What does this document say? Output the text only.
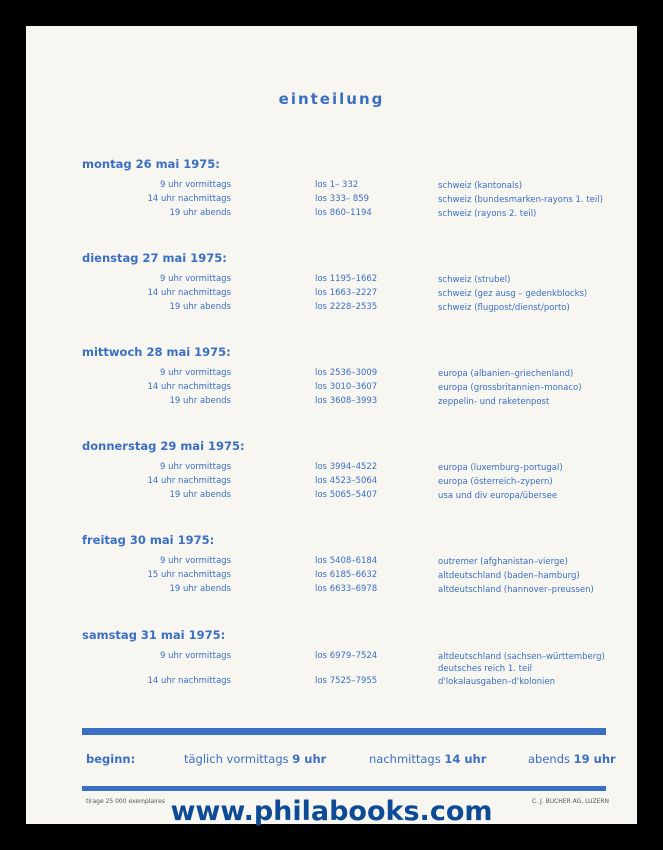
einteilung
montag 26 mai 1975:
9 uhr vormittags	los 1– 332	schweiz (kantonals)
14 uhr nachmittags	los 333– 859	schweiz (bundesmarken-rayons 1. teil)
19 uhr abends	los 860–1194	schweiz (rayons 2. teil)
dienstag 27 mai 1975:
9 uhr vormittags	los 1195–1662	schweiz (strubel)
14 uhr nachmittags	los 1663–2227	schweiz (gez ausg – gedenkblocks)
19 uhr abends	los 2228–2535	schweiz (flugpost/dienst/porto)
mittwoch 28 mai 1975:
9 uhr vormittags	los 2536–3009	europa (albanien–griechenland)
14 uhr nachmittags	los 3010–3607	europa (grossbritannien–monaco)
19 uhr abends	los 3608–3993	zeppelin- und raketenpost
donnerstag 29 mai 1975:
9 uhr vormittags	los 3994–4522	europa (luxemburg–portugal)
14 uhr nachmittags	los 4523–5064	europa (österreich–zypern)
19 uhr abends	los 5065–5407	usa und div europa/übersee
freitag 30 mai 1975:
9 uhr vormittags	los 5408–6184	outremer (afghanistan–vierge)
15 uhr nachmittags	los 6185–6632	altdeutschland (baden–hamburg)
19 uhr abends	los 6633–6978	altdeutschland (hannover–preussen)
samstag 31 mai 1975:
9 uhr vormittags	los 6979–7524	altdeutschland (sachsen–württemberg)
deutsches reich 1. teil
14 uhr nachmittags	los 7525–7955	d'lokalausgaben–d'kolonien
beginn:	täglich vormittags 9 uhr	nachmittags 14 uhr	abends 19 uhr
tirage 25 000 exemplaires	C. J. BUCHER AG, LUZERN
www.philabooks.com
